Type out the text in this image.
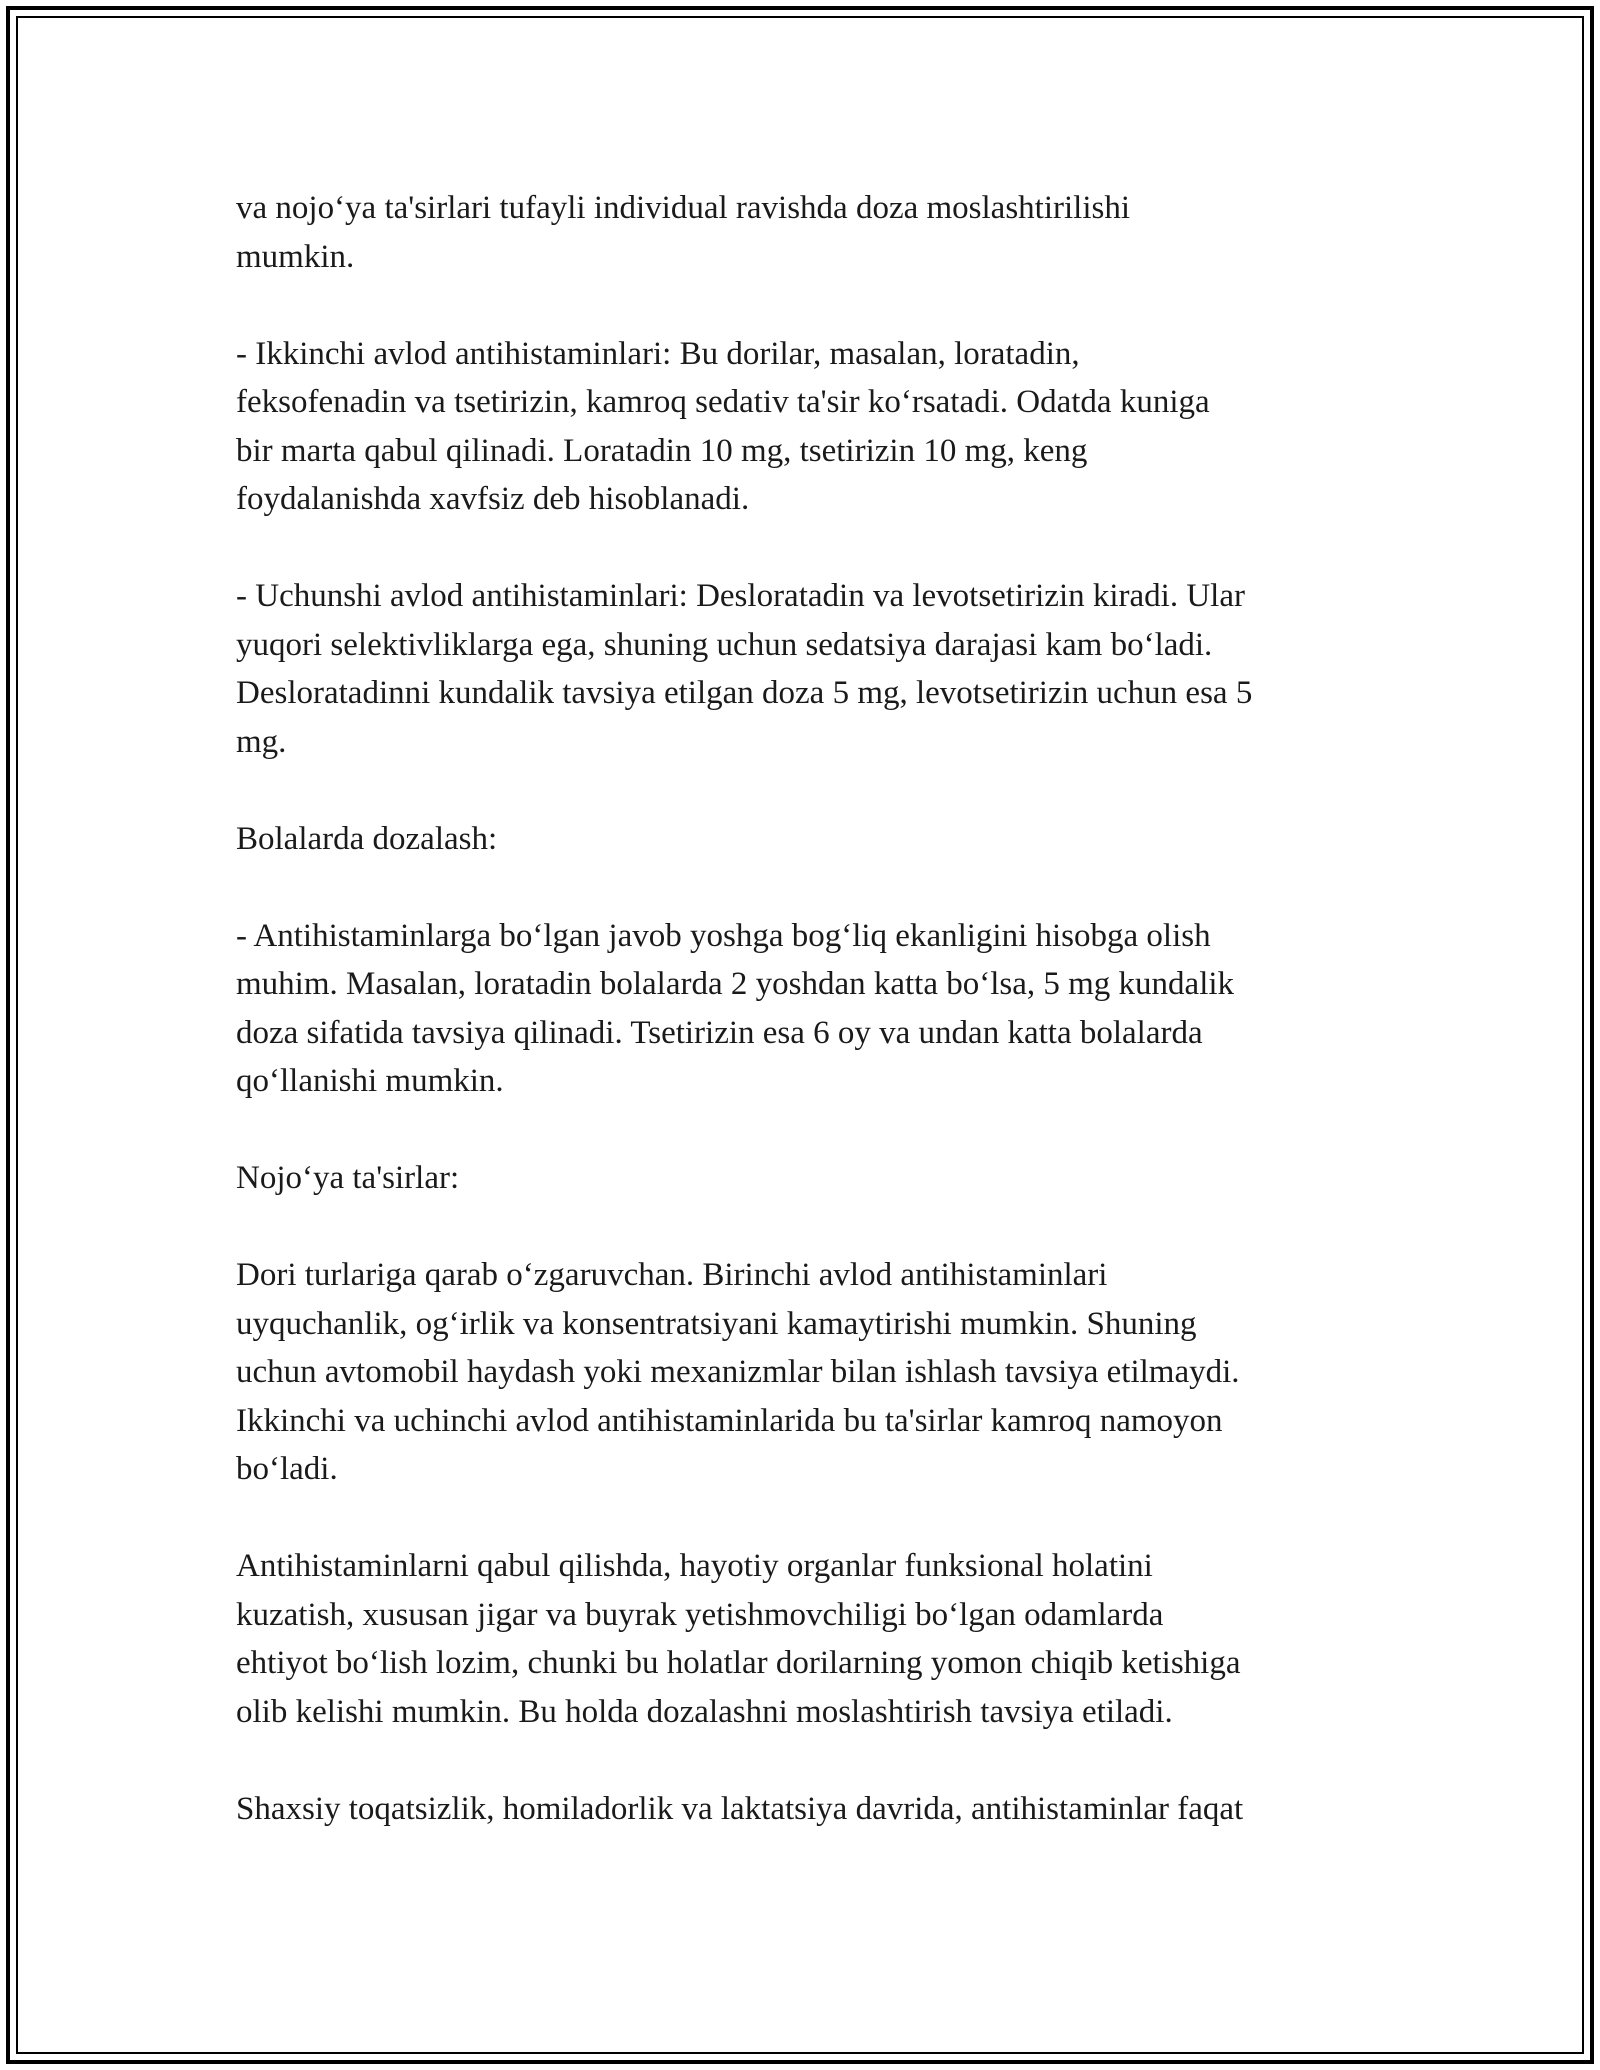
va nojo‘ya ta'sirlari tufayli individual ravishda doza moslashtirilishi
mumkin.

- Ikkinchi avlod antihistaminlari: Bu dorilar, masalan, loratadin,
feksofenadin va tsetirizin, kamroq sedativ ta'sir ko‘rsatadi. Odatda kuniga
bir marta qabul qilinadi. Loratadin 10 mg, tsetirizin 10 mg, keng
foydalanishda xavfsiz deb hisoblanadi.

- Uchunshi avlod antihistaminlari: Desloratadin va levotsetirizin kiradi. Ular
yuqori selektivliklarga ega, shuning uchun sedatsiya darajasi kam bo‘ladi.
Desloratadinni kundalik tavsiya etilgan doza 5 mg, levotsetirizin uchun esa 5
mg.

Bolalarda dozalash:

- Antihistaminlarga bo‘lgan javob yoshga bog‘liq ekanligini hisobga olish
muhim. Masalan, loratadin bolalarda 2 yoshdan katta bo‘lsa, 5 mg kundalik
doza sifatida tavsiya qilinadi. Tsetirizin esa 6 oy va undan katta bolalarda
qo‘llanishi mumkin.

Nojo‘ya ta'sirlar:

Dori turlariga qarab o‘zgaruvchan. Birinchi avlod antihistaminlari
uyquchanlik, og‘irlik va konsentratsiyani kamaytirishi mumkin. Shuning
uchun avtomobil haydash yoki mexanizmlar bilan ishlash tavsiya etilmaydi.
Ikkinchi va uchinchi avlod antihistaminlarida bu ta'sirlar kamroq namoyon
bo‘ladi.

Antihistaminlarni qabul qilishda, hayotiy organlar funksional holatini
kuzatish, xususan jigar va buyrak yetishmovchiligi bo‘lgan odamlarda
ehtiyot bo‘lish lozim, chunki bu holatlar dorilarning yomon chiqib ketishiga
olib kelishi mumkin. Bu holda dozalashni moslashtirish tavsiya etiladi.

Shaxsiy toqatsizlik, homiladorlik va laktatsiya davrida, antihistaminlar faqat
